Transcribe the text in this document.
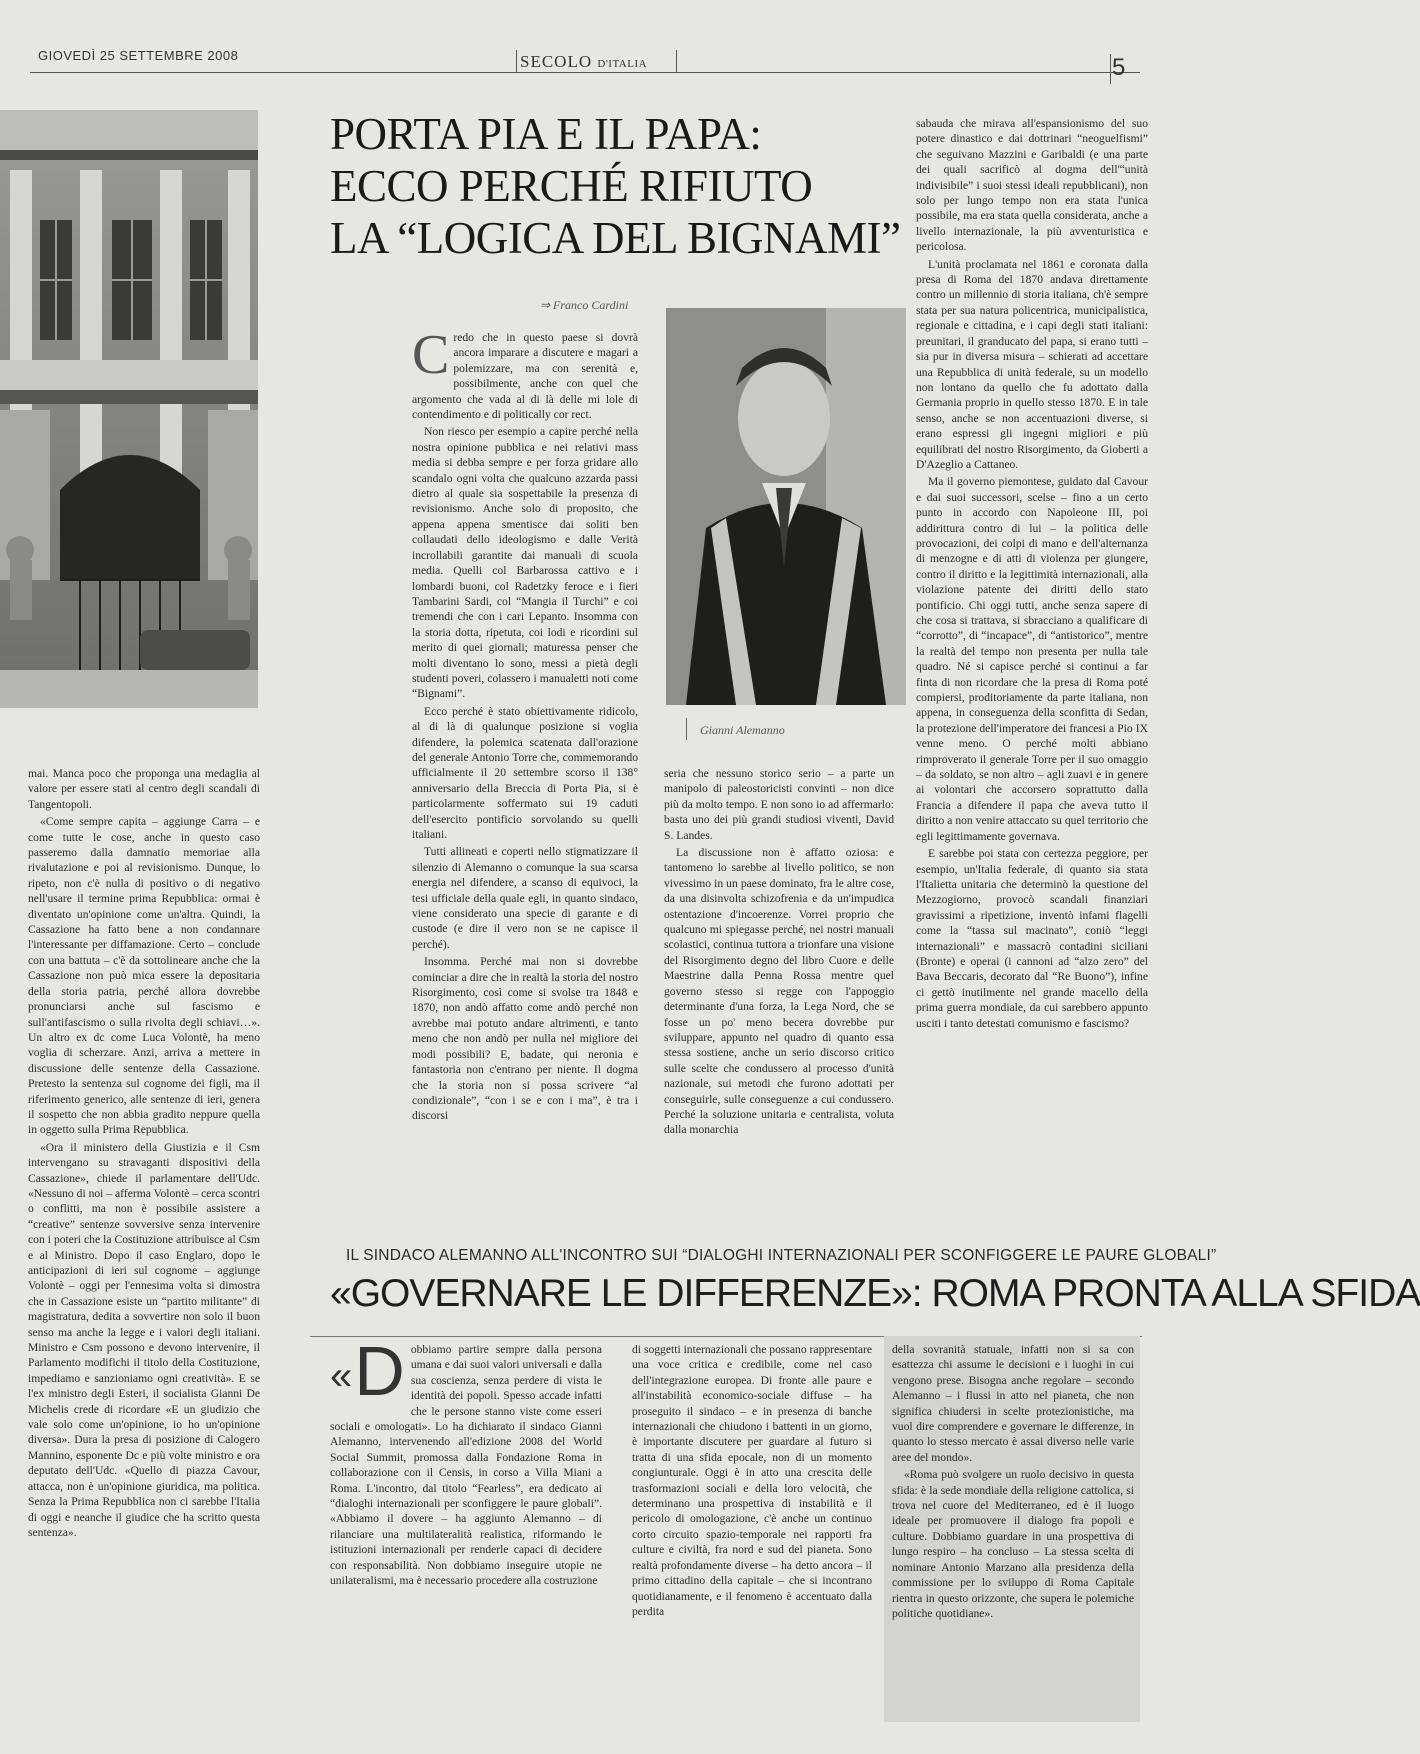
GIOVEDÌ 25 SETTEMBRE 2008	SECOLO D'ITALIA	5
PORTA PIA E IL PAPA:
ECCO PERCHÉ RIFIUTO
LA “LOGICA DEL BIGNAMI”
⇒ Franco Cardini

Credo che in questo paese si dovrà ancora imparare a discutere e magari a polemizzare, ma con serenità e, possibilmente, anche con quel che argomento che vada al di là delle mi lole di contendimento e di politically cor rect.

Non riesco per esempio a capire perché nella nostra opinione pubblica e nei relativi mass media si debba sempre e per forza gridare allo scandalo ogni volta che qualcuno azzarda passi dietro al quale sia sospettabile la presenza di revisionismo. Anche solo di proposito, che appena appena smentisce dai soliti ben collaudati dello ideologismo e dalle Verità incrollabili garantite dai manuali di scuola media. Quelli col Barbarossa cattivo e i lombardi buoni, col Radetzky feroce e i fieri Tambarini Sardi, col “Mangia il Turchi” e coi tremendi che con i cari Lepanto. Insomma con la storia dotta, ripetuta, coi lodi e ricordini sul merito di quei giornali; maturessa penser che molti diventano lo sono, messi a pietà degli studenti poveri, colassero i manualetti noti come “Bignami”.

Ecco perché è stato obiettivamente ridicolo, al di là di qualunque posizione si voglia difendere, la polemica scatenata dall'orazione del generale Antonio Torre che, commemorando ufficialmente il 20 settembre scorso il 138° anniversario della Breccia di Porta Pia, si è particolarmente soffermato sui 19 caduti dell'esercito pontificio sorvolando su quelli italiani.

Tutti allineati e coperti nello stigmatizzare il silenzio di Alemanno o comunque la sua scarsa energia nel difendere, a scanso di equivoci, la tesi ufficiale della quale egli, in quanto sindaco, viene considerato una specie di garante e di custode (e dire il vero non se ne capisce il perché).

Insomma. Perché mai non si dovrebbe cominciar a dire che in realtà la storia del nostro Risorgimento, così come si svolse tra 1848 e 1870, non andò affatto come andò perché non avrebbe mai potuto andare altrimenti, e tanto meno che non andò per nulla nel migliore dei modi possibili? E, badate, qui neronia e fantastoria non c'entrano per niente. Il dogma che la storia non si possa scrivere “al condizionale”, “con i se e con i ma”, è tra i discorsi

Gianni Alemanno

seria che nessuno storico serio – a parte un manipolo di paleostoricisti convinti – non dice più da molto tempo. E non sono io ad affermarlo: basta uno dei più grandi studiosi viventi, David S. Landes.

La discussione non è affatto oziosa: e tantomeno lo sarebbe al livello politico, se non vivessimo in un paese dominato, fra le altre cose, da una disinvolta schizofrenia e da un'impudica ostentazione d'incoerenze. Vorrei proprio che qualcuno mi spiegasse perché, nei nostri manuali scolastici, continua tuttora a trionfare una visione del Risorgimento degno del libro Cuore e delle Maestrine dalla Penna Rossa mentre quel governo stesso si regge con l'appoggio determinante d'una forza, la Lega Nord, che se fosse un po' meno becera dovrebbe pur sviluppare, appunto nel quadro di quanto essa stessa sostiene, anche un serio discorso critico sulle scelte che condussero al processo d'unità nazionale, sui metodi che furono adottati per conseguirle, sulle conseguenze a cui condussero. Perché la soluzione unitaria e centralista, voluta dalla monarchia

sabauda che mirava all'espansionismo del suo potere dinastico e dai dottrinari “neoguelfismi” che seguivano Mazzini e Garibaldi (e una parte dei quali sacrificò al dogma dell'“unità indivisibile” i suoi stessi ideali repubblicani), non solo per lungo tempo non era stata l'unica possibile, ma era stata quella considerata, anche a livello internazionale, la più avventuristica e pericolosa.

L'unità proclamata nel 1861 e coronata dalla presa di Roma del 1870 andava direttamente contro un millennio di storia italiana, ch'è sempre stata per sua natura policentrica, municipalistica, regionale e cittadina, e i capi degli stati italiani: preunitari, il granducato del papa, si erano tutti – sia pur in diversa misura – schierati ad accettare una Repubblica di unità federale, su un modello non lontano da quello che fu adottato dalla Germania proprio in quello stesso 1870. E in tale senso, anche se non accentuazioni diverse, si erano espressi gli ingegni migliori e più equilibrati del nostro Risorgimento, da Gioberti a D'Azeglio a Cattaneo.

Ma il governo piemontese, guidato dal Cavour e dai suoi successori, scelse – fino a un certo punto in accordo con Napoleone III, poi addirittura contro di lui – la politica delle provocazioni, dei colpi di mano e dell'alternanza di menzogne e di atti di violenza per giungere, contro il diritto e la legittimità internazionali, alla violazione patente dei diritti dello stato pontificio. Chi oggi tutti, anche senza sapere di che cosa si trattava, si sbracciano a qualificare di “corrotto”, di “incapace”, di “antistorico”, mentre la realtà del tempo non presenta per nulla tale quadro. Né si capisce perché si continui a far finta di non ricordare che la presa di Roma poté compiersi, proditoriamente da parte italiana, non appena, in conseguenza della sconfitta di Sedan, la protezione dell'imperatore dei francesi a Pio IX venne meno. O perché molti abbiano rimproverato il generale Torre per il suo omaggio – da soldato, se non altro – agli zuavi e in genere ai volontari che accorsero soprattutto dalla Francia a difendere il papa che aveva tutto il diritto a non venire attaccato su quel territorio che egli legittimamente governava.

E sarebbe poi stata con certezza peggiore, per esempio, un'Italia federale, di quanto sia stata l'Italietta unitaria che determinò la questione del Mezzogiorno, provocò scandali finanziari gravissimi a ripetizione, inventò infami flagelli come la “tassa sul macinato”, coniò “leggi internazionali” e massacrò contadini siciliani (Bronte) e operai (i cannoni ad “alzo zero” del Bava Beccaris, decorato dal “Re Buono”), infine ci gettò inutilmente nel grande macello della prima guerra mondiale, da cui sarebbero appunto usciti i tanto detestati comunismo e fascismo?

mai. Manca poco che proponga una medaglia al valore per essere stati al centro degli scandali di Tangentopoli.

«Come sempre capita – aggiunge Carra – e come tutte le cose, anche in questo caso passeremo dalla damnatio memoriae alla rivalutazione e poi al revisionismo. Dunque, lo ripeto, non c'è nulla di positivo o di negativo nell'usare il termine prima Repubblica: ormai è diventato un'opinione come un'altra. Quindi, la Cassazione ha fatto bene a non condannare l'interessante per diffamazione. Certo – conclude con una battuta – c'è da sottolineare anche che la Cassazione non può mica essere la depositaria della storia patria, perché allora dovrebbe pronunciarsi anche sul fascismo e sull'antifascismo o sulla rivolta degli schiavi…». Un altro ex dc come Luca Volontè, ha meno voglia di scherzare. Anzi, arriva a mettere in discussione delle sentenze della Cassazione. Pretesto la sentenza sul cognome dei figli, ma il riferimento generico, alle sentenze di ieri, genera il sospetto che non abbia gradito neppure quella in oggetto sulla Prima Repubblica.

«Ora il ministero della Giustizia e il Csm intervengano su stravaganti dispositivi della Cassazione», chiede il parlamentare dell'Udc. «Nessuno di noi – afferma Volontè – cerca scontri o conflitti, ma non è possibile assistere a “creative” sentenze sovversive senza intervenire con i poteri che la Costituzione attribuisce al Csm e al Ministro. Dopo il caso Englaro, dopo le anticipazioni di ieri sul cognome – aggiunge Volontè – oggi per l'ennesima volta si dimostra che in Cassazione esiste un “partito militante” di magistratura, dedita a sovvertire non solo il buon senso ma anche la legge e i valori degli italiani. Ministro e Csm possono e devono intervenire, il Parlamento modifichi il titolo della Costituzione, impediamo e sanzioniamo ogni creatività». E se l'ex ministro degli Esteri, il socialista Gianni De Michelis crede di ricordare «E un giudizio che vale solo come un'opinione, io ho un'opinione diversa». Dura la presa di posizione di Calogero Mannino, esponente Dc e più volte ministro e ora deputato dell'Udc. «Quello di piazza Cavour, attacca, non è un'opinione giuridica, ma politica. Senza la Prima Repubblica non ci sarebbe l'Italia di oggi e neanche il giudice che ha scritto questa sentenza».

IL SINDACO ALEMANNO ALL'INCONTRO SUI “DIALOGHI INTERNAZIONALI PER SCONFIGGERE LE PAURE GLOBALI”
«GOVERNARE LE DIFFERENZE»: ROMA PRONTA ALLA SFIDA

«D obbiamo partire sempre dalla persona umana e dai suoi valori universali e dalla sua coscienza, senza perdere di vista le identità dei popoli. Spesso accade infatti che le persone stanno viste come esseri sociali e omologati». Lo ha dichiarato il sindaco Gianni Alemanno, intervenendo all'edizione 2008 del World Social Summit, promossa dalla Fondazione Roma in collaborazione con il Censis, in corso a Villa Miani a Roma. L'incontro, dal titolo “Fearless”, era dedicato ai “dialoghi internazionali per sconfiggere le paure globali”. «Abbiamo il dovere – ha aggiunto Alemanno – di rilanciare una multilateralità realistica, riformando le istituzioni internazionali per renderle capaci di decidere con responsabilità. Non dobbiamo inseguire utopie ne unilateralismi, ma è necessario procedere alla costruzione

di soggetti internazionali che possano rappresentare una voce critica e credibile, come nel caso dell'integrazione europea. Di fronte alle paure e all'instabilità economico-sociale diffuse – ha proseguito il sindaco – e in presenza di banche internazionali che chiudono i battenti in un giorno, è importante discutere per guardare al futuro si tratta di una sfida epocale, non di un momento congiunturale. Oggi è in atto una crescita delle trasformazioni sociali e della loro velocità, che determinano una prospettiva di instabilità e il pericolo di omologazione, c'è anche un continuo corto circuito spazio-temporale nei rapporti fra culture e civiltà, fra nord e sud del pianeta. Sono realtà profondamente diverse – ha detto ancora – il primo cittadino della capitale – che si incontrano quotidianamente, e il fenomeno è accentuato dalla perdita

della sovranità statuale, infatti non si sa con esattezza chi assume le decisioni e i luoghi in cui vengono prese. Bisogna anche regolare – secondo Alemanno – i flussi in atto nel pianeta, che non significa chiudersi in scelte protezionistiche, ma vuol dire comprendere e governare le differenze, in quanto lo stesso mercato è assai diverso nelle varie aree del mondo».

«Roma può svolgere un ruolo decisivo in questa sfida: è la sede mondiale della religione cattolica, si trova nel cuore del Mediterraneo, ed è il luogo ideale per promuovere il dialogo fra popoli e culture. Dobbiamo guardare in una prospettiva di lungo respiro – ha concluso – La stessa scelta di nominare Antonio Marzano alla presidenza della commissione per lo sviluppo di Roma Capitale rientra in questo orizzonte, che supera le polemiche politiche quotidiane».
